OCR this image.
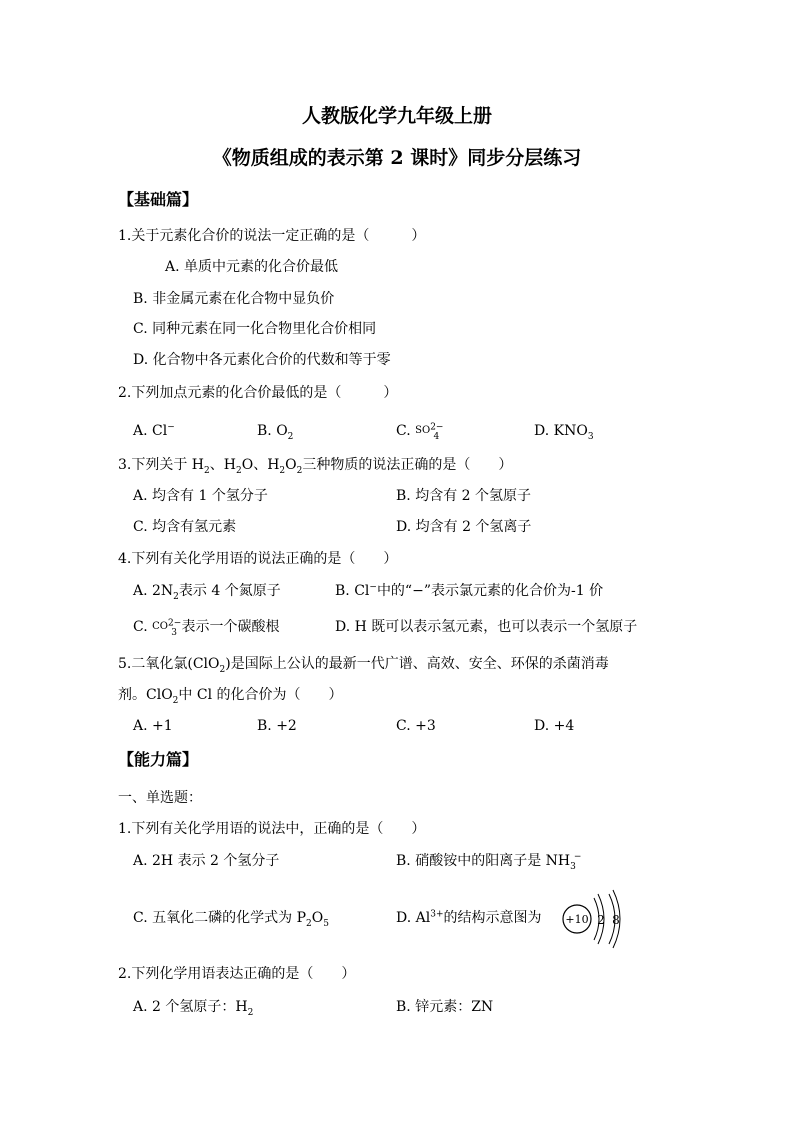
人教版化学九年级上册
《物质组成的表示第 2 课时》同步分层练习
【基础篇】
1.关于元素化合价的说法一定正确的是（　　　）
A. 单质中元素的化合价最低
B. 非金属元素在化合物中显负价
C. 同种元素在同一化合物里化合价相同
D. 化合物中各元素化合价的代数和等于零
2.下列加点元素的化合价最低的是（　　　）
A. Cl−	B. $O_2$	C. $SO^{2-}_4$	D. $KNO_3$
3.下列关于 $H_2$、$H_2O$、$H_2O_2$三种物质的说法正确的是（　　）
A. 均含有 1 个氢分子	B. 均含有 2 个氢原子
C. 均含有氢元素	D. 均含有 2 个氢离子
4.下列有关化学用语的说法正确的是（　　）
A. $2N_2$表示 4 个氮原子	B. Cl−中的“−”表示氯元素的化合价为-1 价
C. $CO^{2-}_3$ 表示一个碳酸根	D. H 既可以表示氢元素，也可以表示一个氢原子
5.二氧化氯(ClO$_2$)是国际上公认的最新一代广谱、高效、安全、环保的杀菌消毒
剂。ClO$_2$中 Cl 的化合价为（　　）
A. +1	B. +2	C. +3	D. +4
【能力篇】
一、单选题：
1.下列有关化学用语的说法中，正确的是（　　）
A. 2H 表示 2 个氢分子	B. 硝酸铵中的阳离子是 $NH_3^-$
C. 五氧化二磷的化学式为 $P_2O_5$	D. $Al^{3+}$的结构示意图为 +10 2 8
2.下列化学用语表达正确的是（　　）
A. 2 个氢原子：$H_2$	B. 锌元素：ZN
